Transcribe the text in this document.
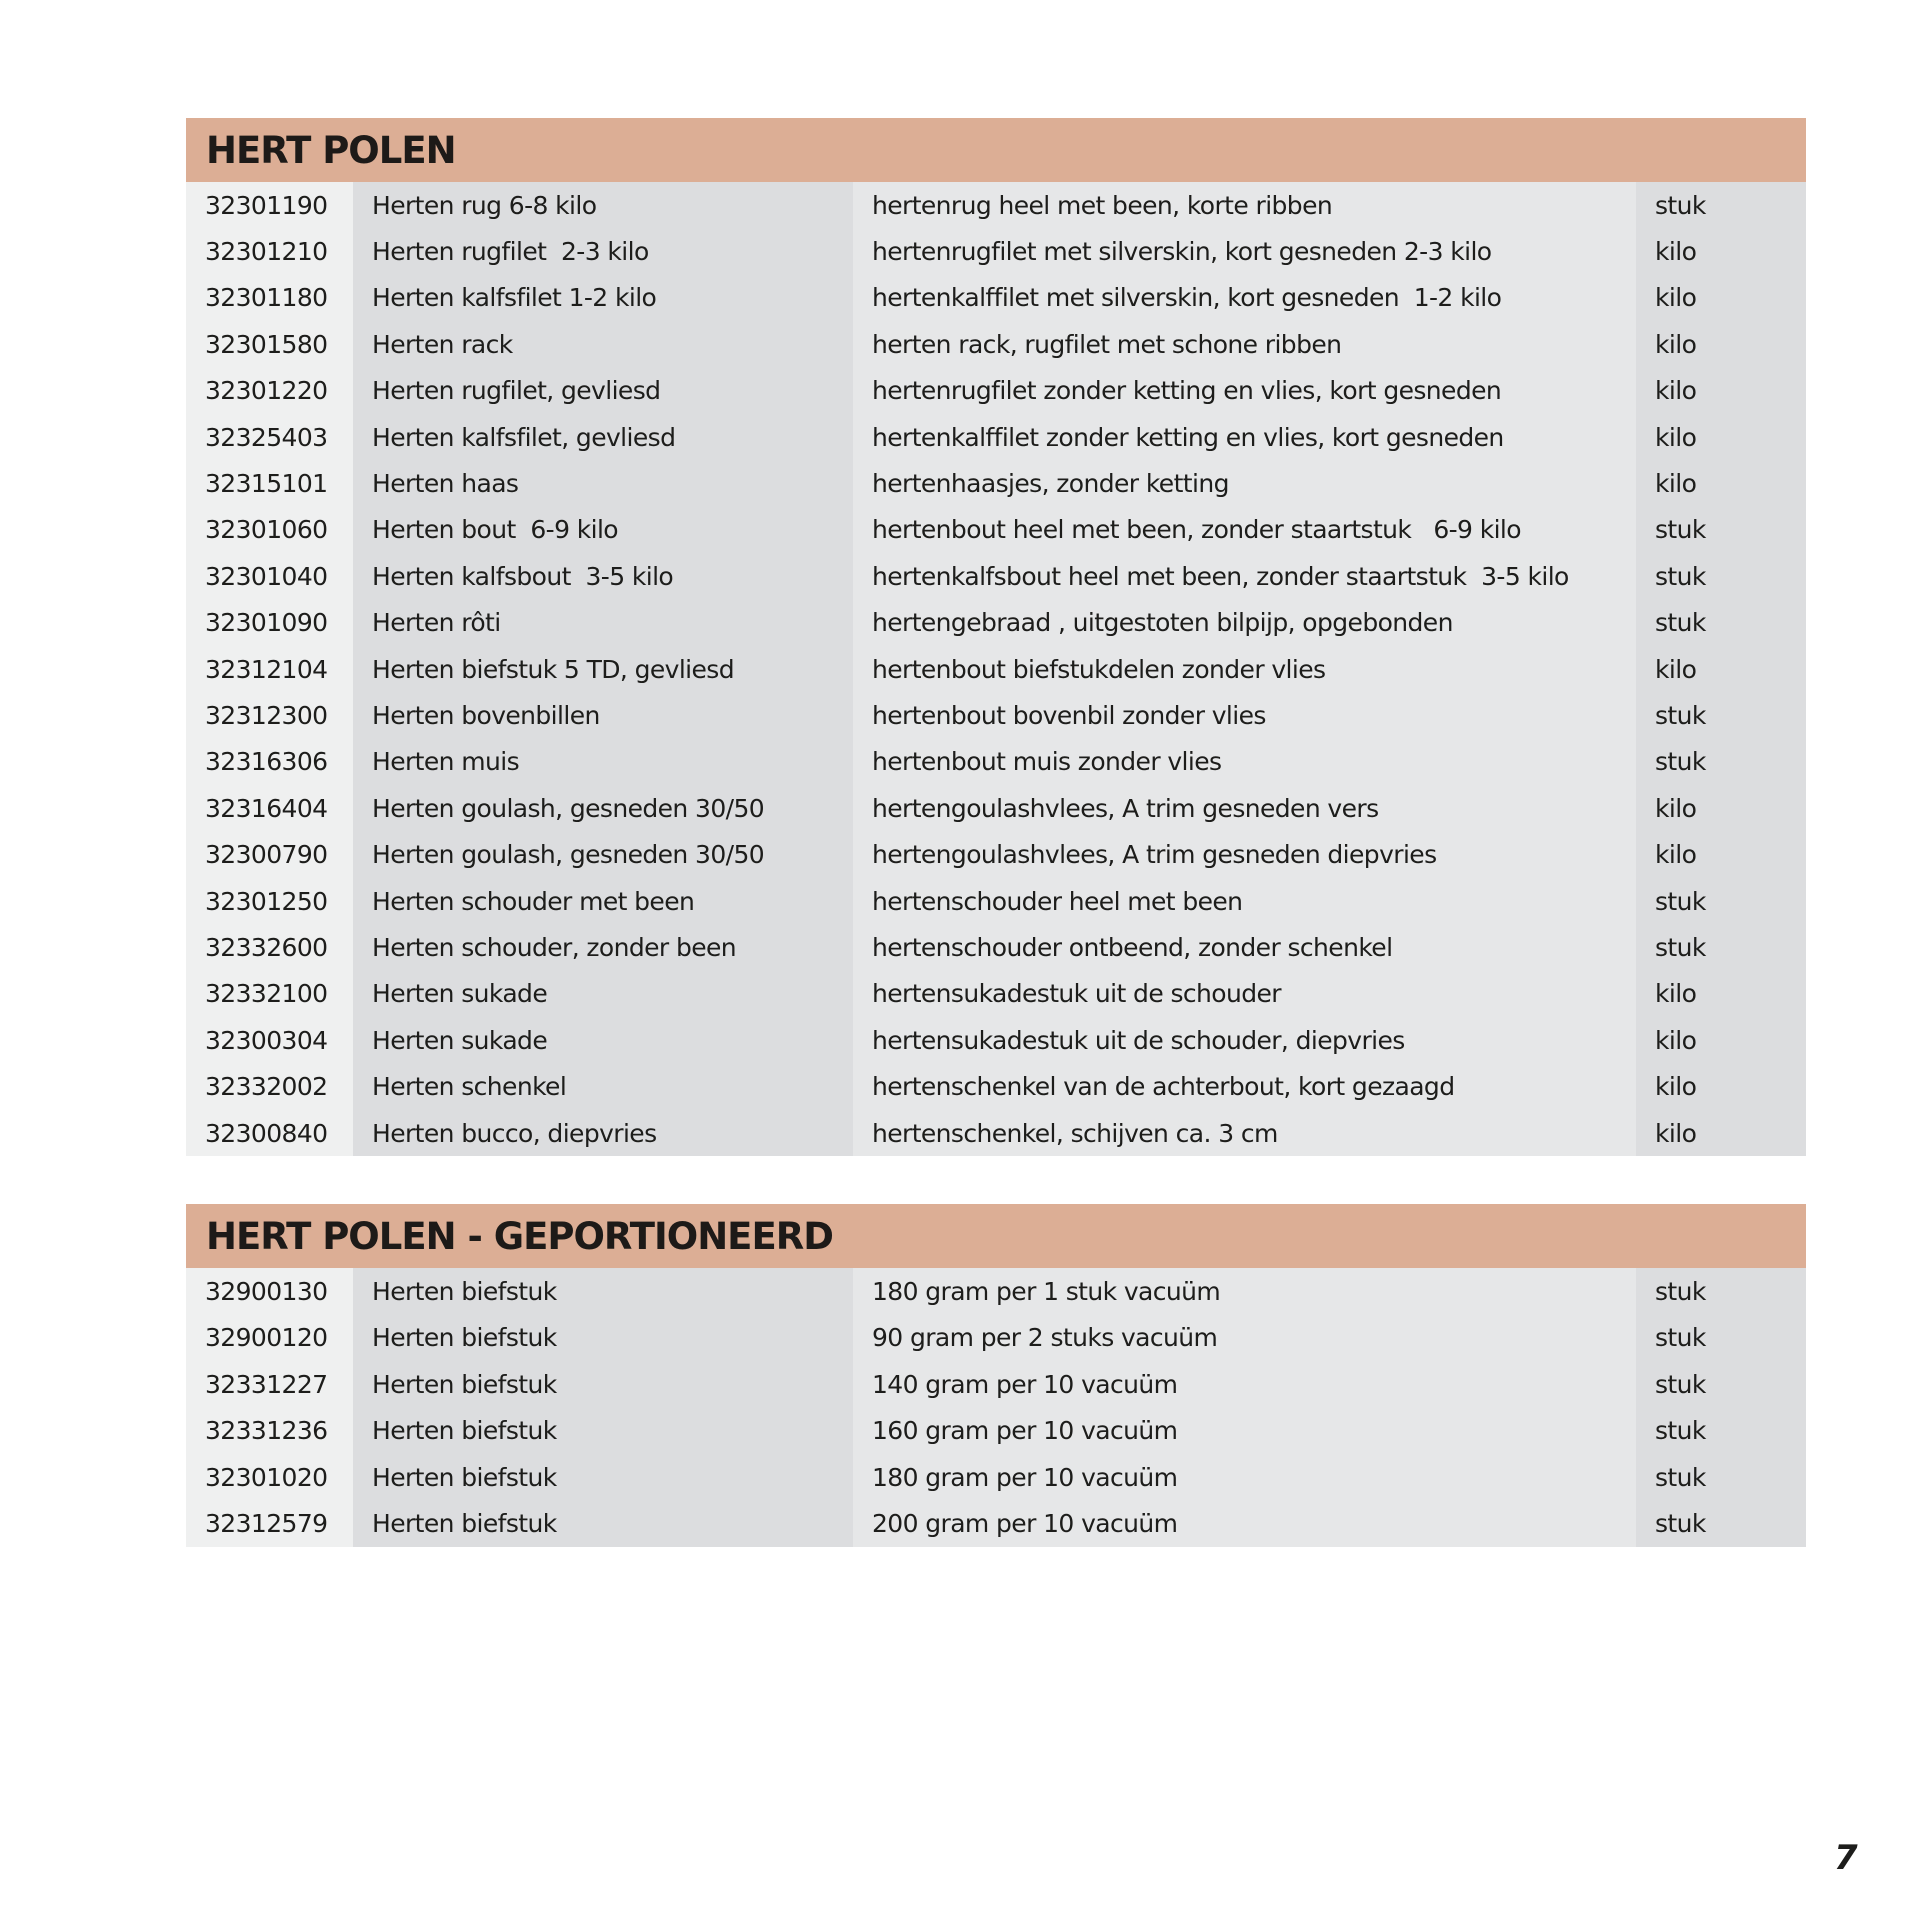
HERT POLEN
32301190	Herten rug 6-8 kilo	hertenrug heel met been, korte ribben	stuk
32301210	Herten rugfilet  2-3 kilo	hertenrugfilet met silverskin, kort gesneden 2-3 kilo	kilo
32301180	Herten kalfsfilet 1-2 kilo	hertenkalffilet met silverskin, kort gesneden  1-2 kilo	kilo
32301580	Herten rack	herten rack, rugfilet met schone ribben	kilo
32301220	Herten rugfilet, gevliesd	hertenrugfilet zonder ketting en vlies, kort gesneden	kilo
32325403	Herten kalfsfilet, gevliesd	hertenkalffilet zonder ketting en vlies, kort gesneden	kilo
32315101	Herten haas	hertenhaasjes, zonder ketting	kilo
32301060	Herten bout  6-9 kilo	hertenbout heel met been, zonder staartstuk   6-9 kilo	stuk
32301040	Herten kalfsbout  3-5 kilo	hertenkalfsbout heel met been, zonder staartstuk  3-5 kilo	stuk
32301090	Herten rôti	hertengebraad , uitgestoten bilpijp, opgebonden	stuk
32312104	Herten biefstuk 5 TD, gevliesd	hertenbout biefstukdelen zonder vlies	kilo
32312300	Herten bovenbillen	hertenbout bovenbil zonder vlies	stuk
32316306	Herten muis	hertenbout muis zonder vlies	stuk
32316404	Herten goulash, gesneden 30/50	hertengoulashvlees, A trim gesneden vers	kilo
32300790	Herten goulash, gesneden 30/50	hertengoulashvlees, A trim gesneden diepvries	kilo
32301250	Herten schouder met been	hertenschouder heel met been	stuk
32332600	Herten schouder, zonder been	hertenschouder ontbeend, zonder schenkel	stuk
32332100	Herten sukade	hertensukadestuk uit de schouder	kilo
32300304	Herten sukade	hertensukadestuk uit de schouder, diepvries	kilo
32332002	Herten schenkel	hertenschenkel van de achterbout, kort gezaagd	kilo
32300840	Herten bucco, diepvries	hertenschenkel, schijven ca. 3 cm	kilo
HERT POLEN - GEPORTIONEERD
32900130	Herten biefstuk	180 gram per 1 stuk vacuüm	stuk
32900120	Herten biefstuk	90 gram per 2 stuks vacuüm	stuk
32331227	Herten biefstuk	140 gram per 10 vacuüm	stuk
32331236	Herten biefstuk	160 gram per 10 vacuüm	stuk
32301020	Herten biefstuk	180 gram per 10 vacuüm	stuk
32312579	Herten biefstuk	200 gram per 10 vacuüm	stuk
7
